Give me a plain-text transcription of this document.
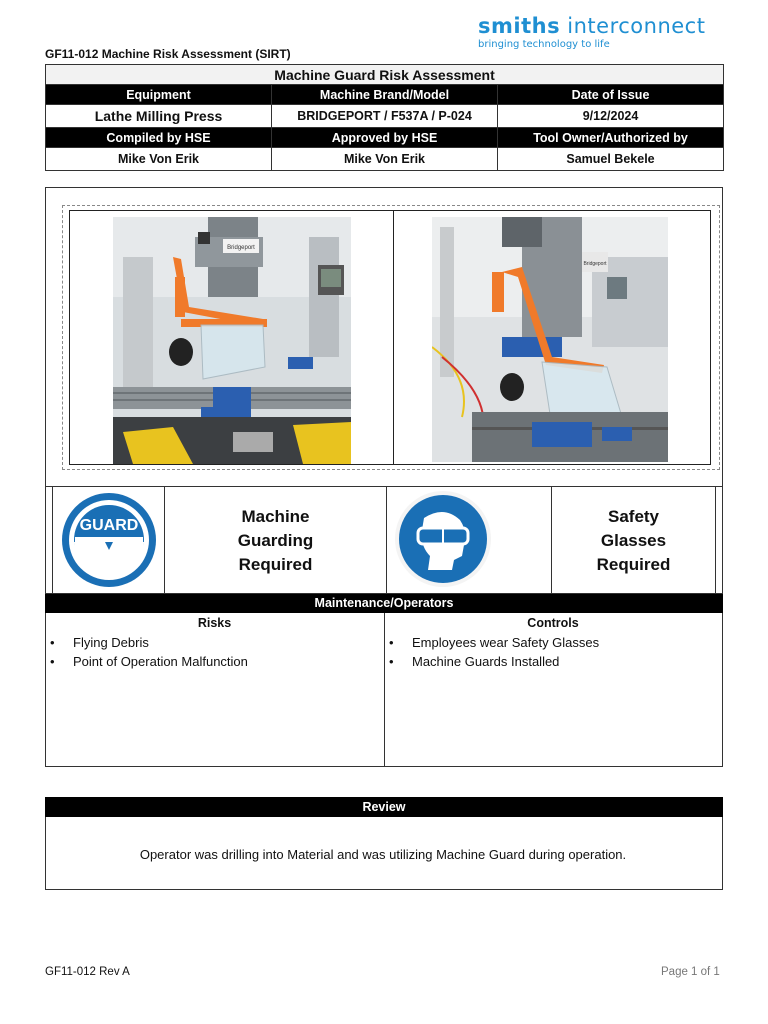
smiths interconnect
bringing technology to life
GF11-012 Machine Risk Assessment (SIRT)
Machine Guard Risk Assessment		
Equipment	Machine Brand/Model	Date of Issue
Lathe Milling Press	BRIDGEPORT / F537A / P-024	9/12/2024
Compiled by HSE	Approved by HSE	Tool Owner/Authorized by
Mike Von Erik	Mike Von Erik	Samuel Bekele
Bridgeport
Bridgeport
GUARD	Machine
Guarding
Required
Safety
Glasses
Required
Maintenance/Operators
Risks	Controls
• Flying Debris
• Point of Operation Malfunction
• Employees wear Safety Glasses
• Machine Guards Installed
Review
Operator was drilling into Material and was utilizing Machine Guard during operation.
GF11-012 Rev A	Page 1 of 1
